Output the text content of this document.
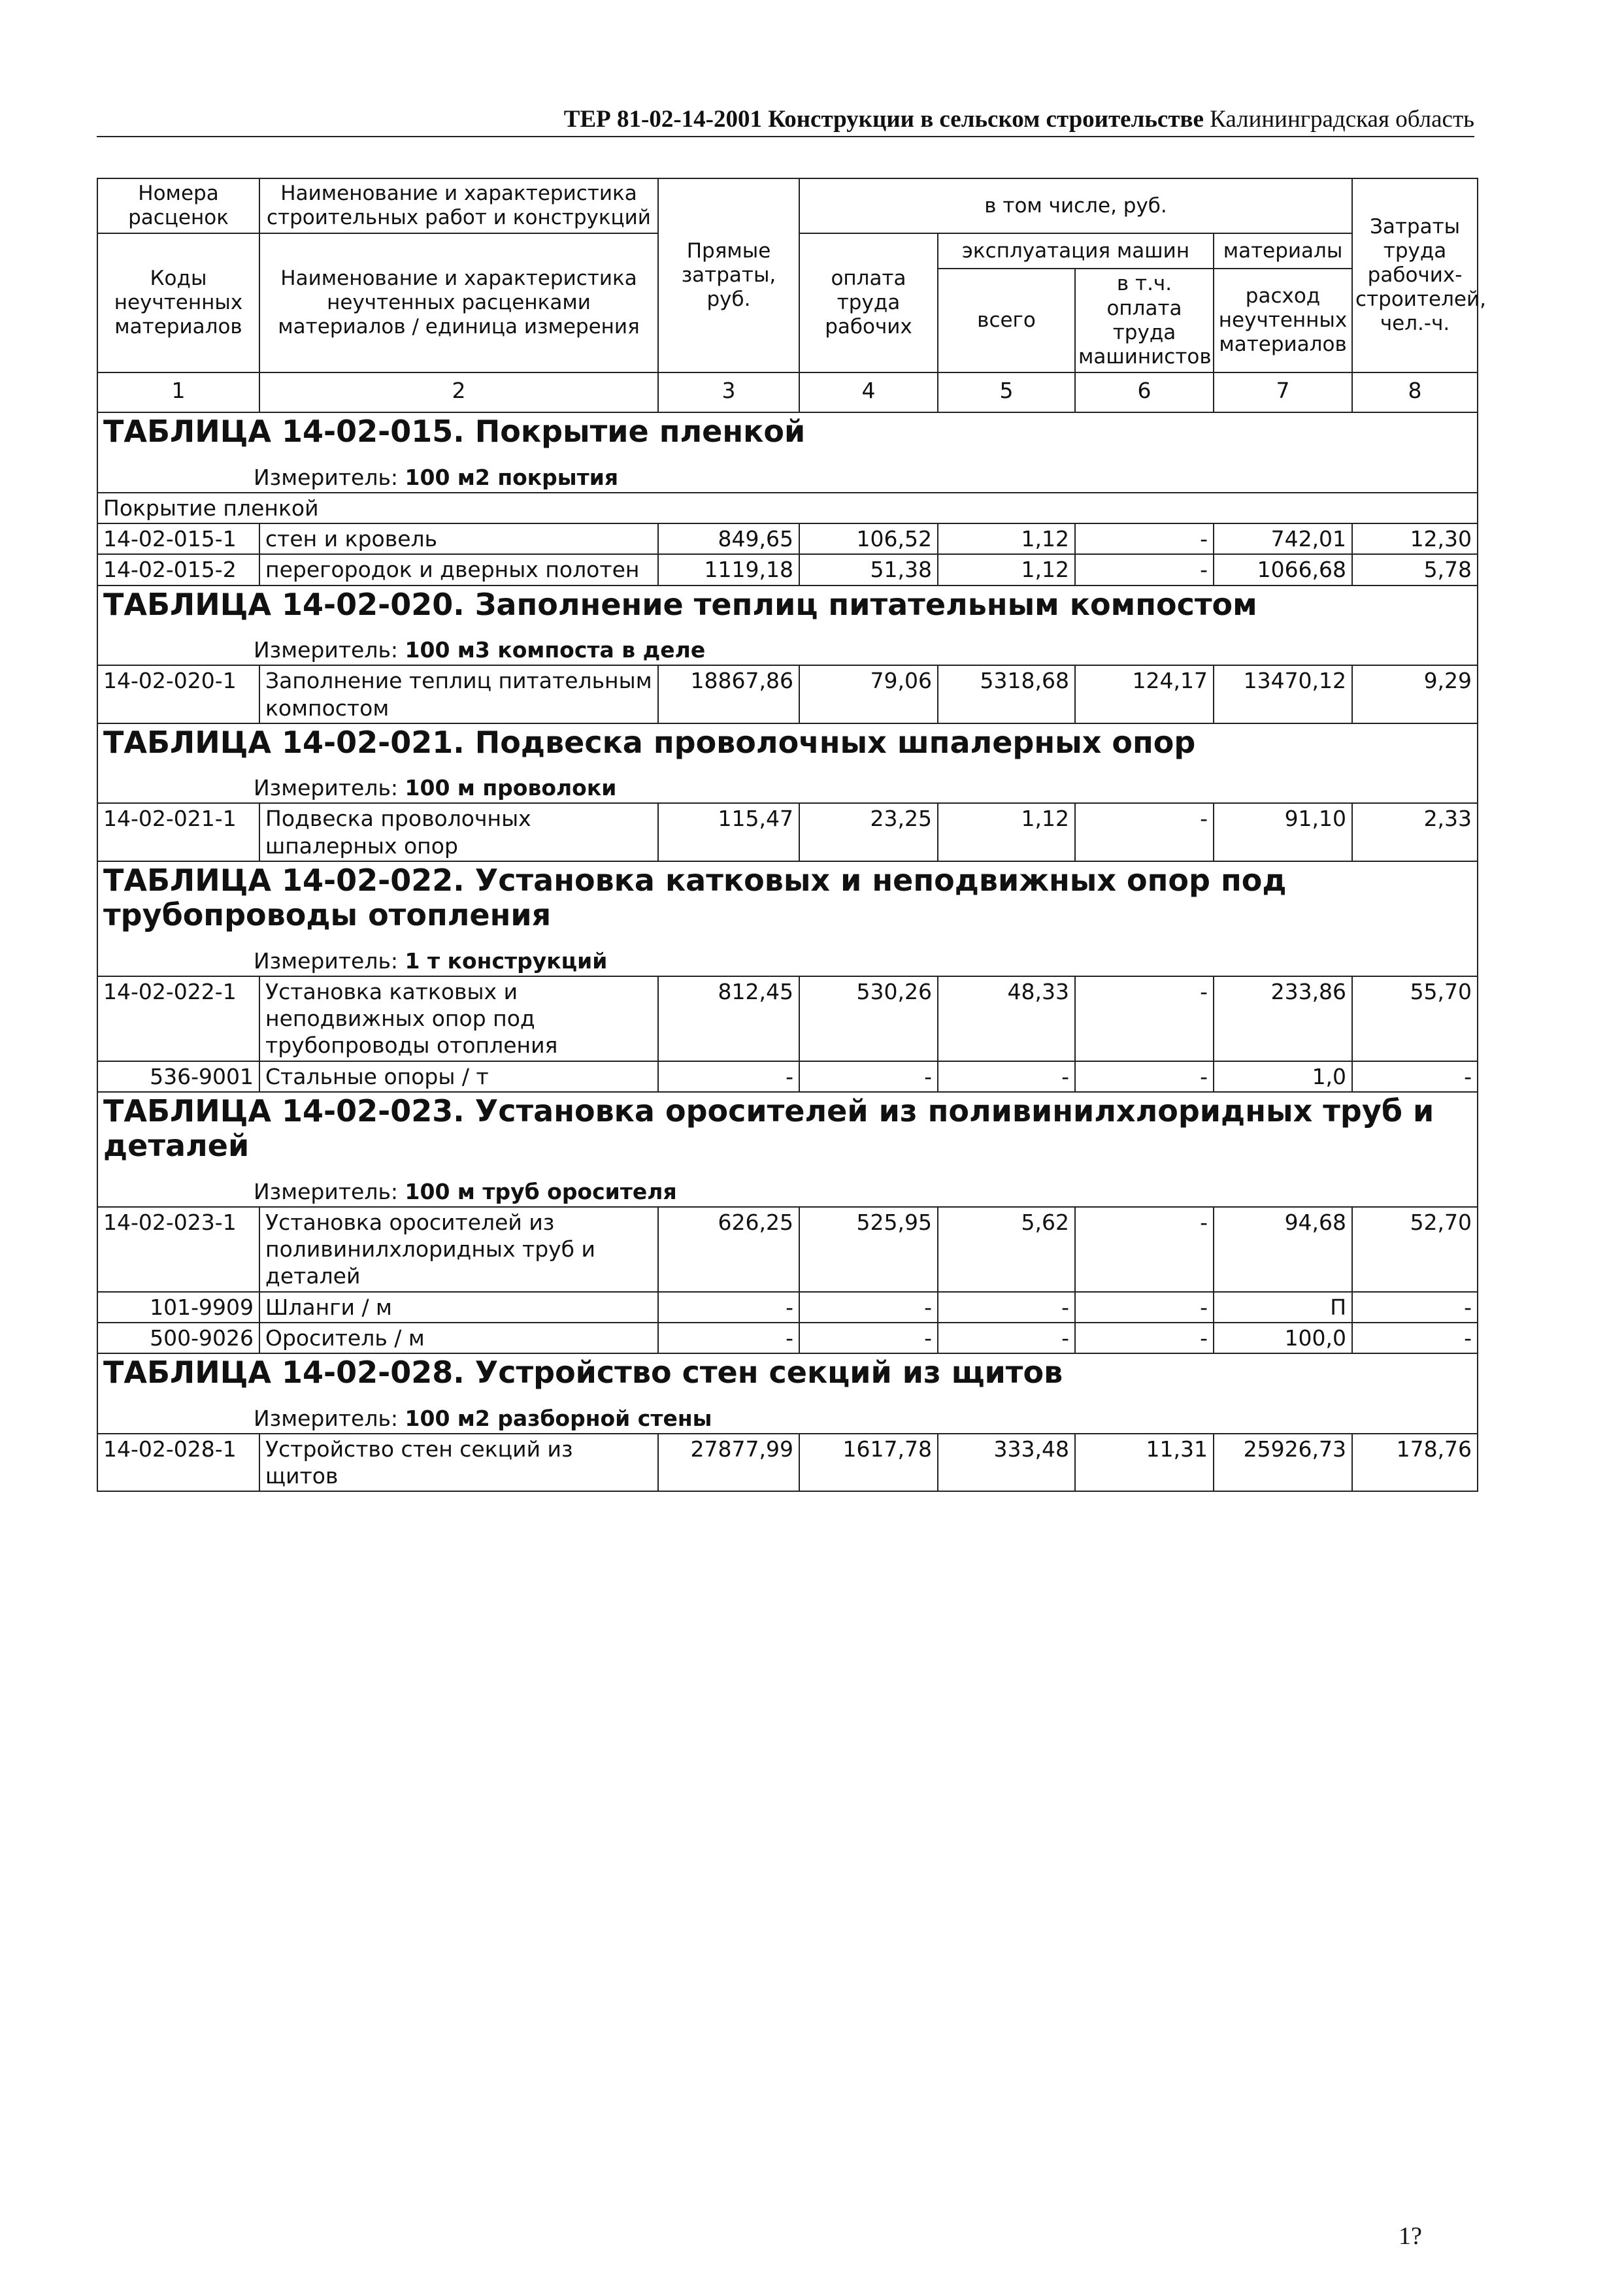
ТЕР 81-02-14-2001 Конструкции в сельском строительстве Калининградская область
Номера расценок	Наименование и характеристика строительных работ и конструкций	Прямые затраты, руб.	в том числе, руб.				Затраты труда рабочих-строителей, чел.-ч.
Коды неучтенных материалов	Наименование и характеристика неучтенных расценками материалов / единица измерения		оплата труда рабочих	эксплуатация машин		материалы	
				всего	в т.ч. оплата труда машинистов	расход неучтенных материалов	
1	2	3	4	5	6	7	8

ТАБЛИЦА 14-02-015. Покрытие пленкой
Измеритель: 100 м2 покрытия							

Покрытие пленкой							
14-02-015-1	стен и кровель	849,65	106,52	1,12	-	742,01	12,30
14-02-015-2	перегородок и дверных полотен	1119,18	51,38	1,12	-	1066,68	5,78

ТАБЛИЦА 14-02-020. Заполнение теплиц питательным компостом
Измеритель: 100 м3 компоста в деле							

14-02-020-1	Заполнение теплиц питательным компостом	18867,86	79,06	5318,68	124,17	13470,12	9,29

ТАБЛИЦА 14-02-021. Подвеска проволочных шпалерных опор
Измеритель: 100 м проволоки							

14-02-021-1	Подвеска проволочных шпалерных опор	115,47	23,25	1,12	-	91,10	2,33

ТАБЛИЦА 14-02-022. Установка катковых и неподвижных опор под трубопроводы отопления
Измеритель: 1 т конструкций							

14-02-022-1	Установка катковых и неподвижных опор под трубопроводы отопления	812,45	530,26	48,33	-	233,86	55,70
536-9001	Стальные опоры / т	-	-	-	-	1,0	-

ТАБЛИЦА 14-02-023. Установка оросителей из поливинилхлоридных труб и деталей
Измеритель: 100 м труб оросителя							

14-02-023-1	Установка оросителей из поливинилхлоридных труб и деталей	626,25	525,95	5,62	-	94,68	52,70
101-9909	Шланги / м	-	-	-	-	П	-
500-9026	Ороситель / м	-	-	-	-	100,0	-

ТАБЛИЦА 14-02-028. Устройство стен секций из щитов
Измеритель: 100 м2 разборной стены							

14-02-028-1	Устройство стен секций из щитов	27877,99	1617,78	333,48	11,31	25926,73	178,76
1?
